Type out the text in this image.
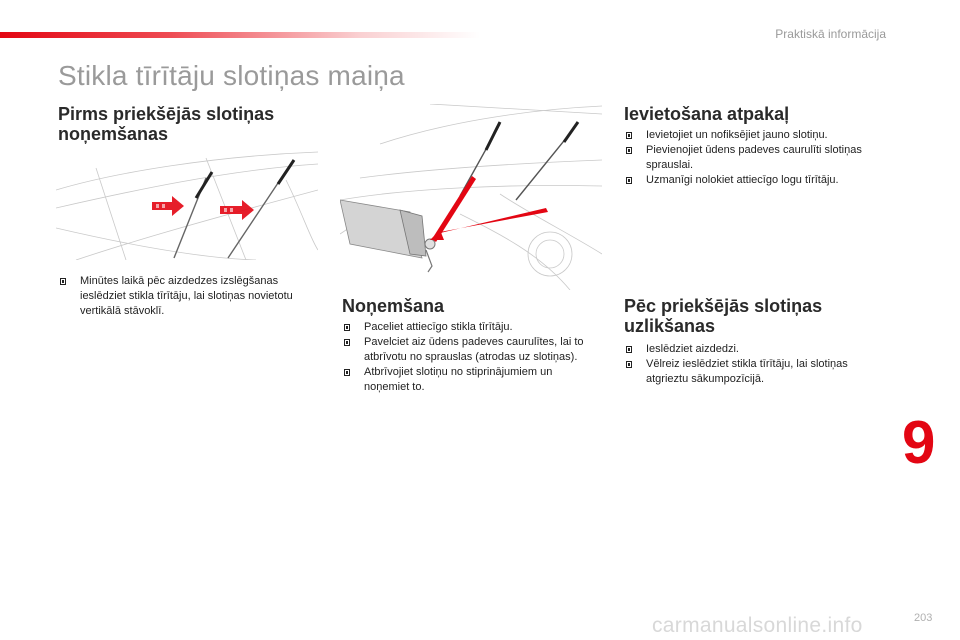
Praktiskā informācija
Stikla tīrītāju slotiņas maiņa
Pirms priekšējās slotiņas
noņemšanas
Minūtes laikā pēc aizdedzes izslēgšanas ieslēdziet stikla tīrītāju, lai slotiņas novietotu vertikālā stāvoklī.	Noņemšana
Paceliet attiecīgo stikla tīrītāju.
Pavelciet aiz ūdens padeves caurulītes, lai to atbrīvotu no sprauslas (atrodas uz slotiņas).
Atbrīvojiet slotiņu no stiprinājumiem un noņemiet to.
Ievietošana atpakaļ
Ievietojiet un nofiksējiet jauno slotiņu.
Pievienojiet ūdens padeves caurulīti slotiņas sprauslai.
Uzmanīgi nolokiet attiecīgo logu tīrītāju.
Pēc priekšējās slotiņas
uzlikšanas
Ieslēdziet aizdedzi.
Vēlreiz ieslēdziet stikla tīrītāju, lai slotiņas atgrieztu sākumpozīcijā.
9
203
carmanualsonline.info
